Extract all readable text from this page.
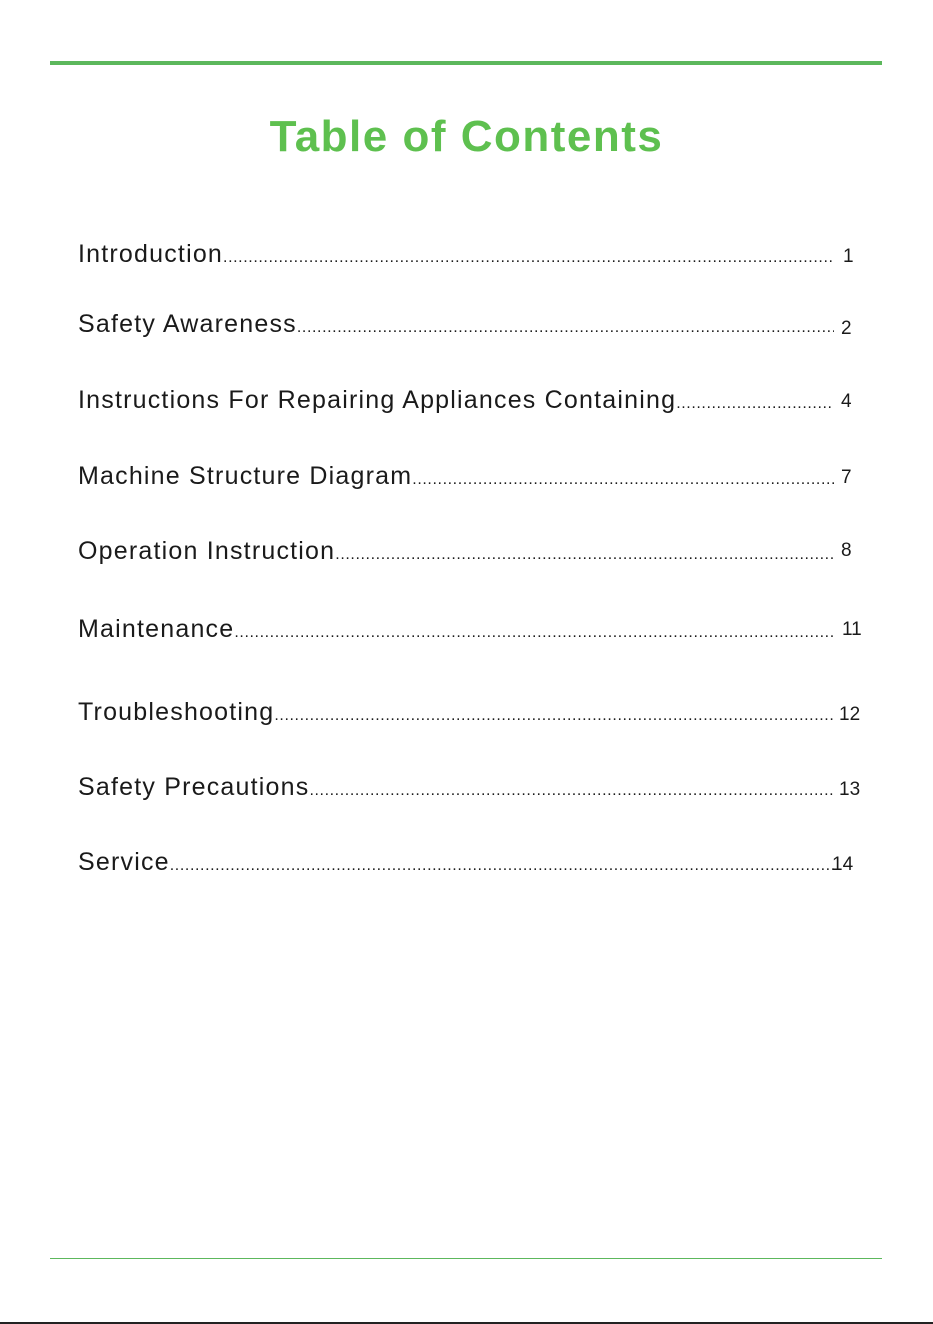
Table of Contents
Introduction .....	1
Safety Awareness .....	2
Instructions For Repairing Appliances Containing .....	4
Machine Structure Diagram .....	7
Operation Instruction .....	8
Maintenance .....	11
Troubleshooting .....	12
Safety Precautions .....	13
Service .....	14
